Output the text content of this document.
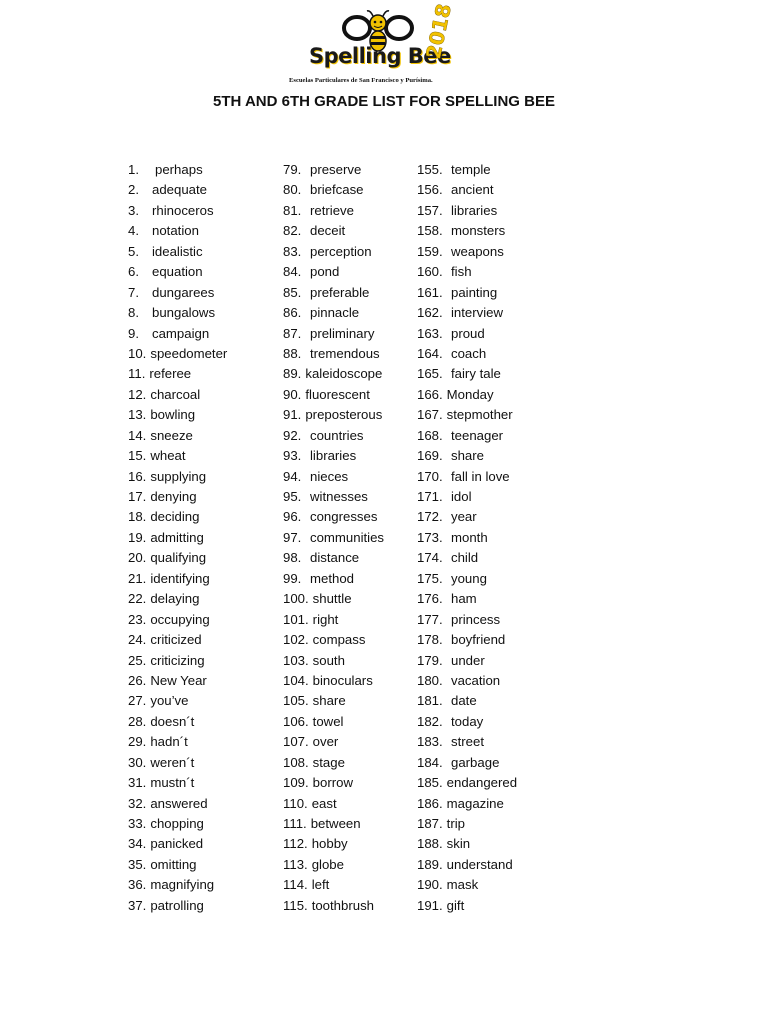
Spelling Bee
2018
Escuelas Particulares de San Francisco y Purísima.
5TH AND 6TH GRADE LIST FOR SPELLING BEE
1. perhaps
2. adequate
3. rhinoceros
4. notation
5. idealistic
6. equation
7. dungarees
8. bungalows
9. campaign
10. speedometer
11. referee
12. charcoal
13. bowling
14. sneeze
15. wheat
16. supplying
17. denying
18. deciding
19. admitting
20. qualifying
21. identifying
22. delaying
23. occupying
24. criticized
25. criticizing
26. New Year
27. you’ve
28. doesn´t
29. hadn´t
30. weren´t
31. mustn´t
32. answered
33. chopping
34. panicked
35. omitting
36. magnifying
37. patrolling
79. preserve
80. briefcase
81. retrieve
82. deceit
83. perception
84. pond
85. preferable
86. pinnacle
87. preliminary
88. tremendous
89. kaleidoscope
90. fluorescent
91. preposterous
92. countries
93. libraries
94. nieces
95. witnesses
96. congresses
97. communities
98. distance
99. method
100. shuttle
101. right
102. compass
103. south
104. binoculars
105. share
106. towel
107. over
108. stage
109. borrow
110. east
111. between
112. hobby
113. globe
114. left
115. toothbrush
155. temple
156. ancient
157. libraries
158. monsters
159. weapons
160. fish
161. painting
162. interview
163. proud
164. coach
165. fairy tale
166. Monday
167. stepmother
168. teenager
169. share
170. fall in love
171. idol
172. year
173. month
174. child
175. young
176. ham
177. princess
178. boyfriend
179. under
180. vacation
181. date
182. today
183. street
184. garbage
185. endangered
186. magazine
187. trip
188. skin
189. understand
190. mask
191. gift
